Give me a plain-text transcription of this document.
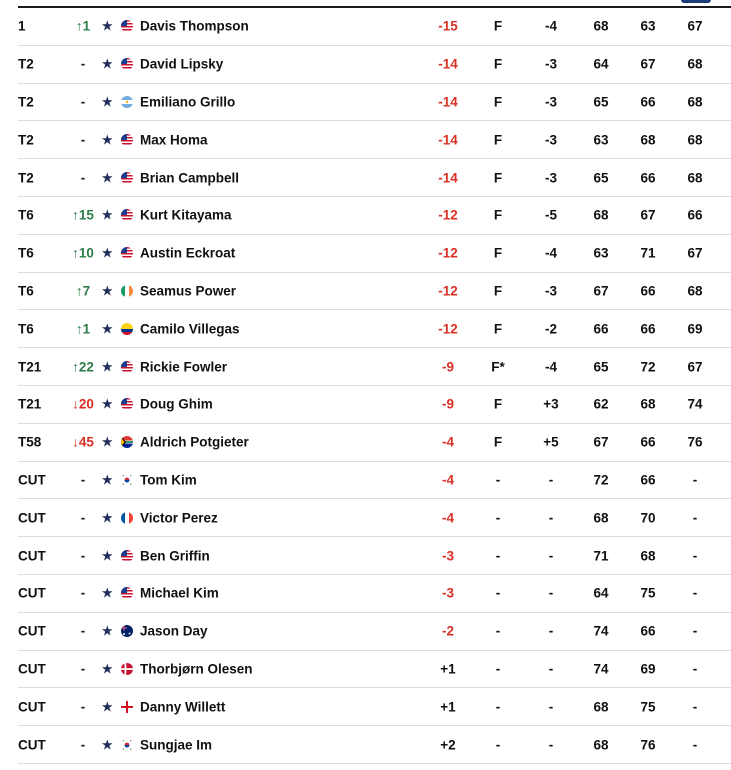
1	↑1 ★ Davis Thompson	-15	F	-4	68	63	67
T2	-	★ David Lipsky	-14	F	-3	64	67	68
T2	-	★ Emiliano Grillo	-14	F	-3	65	66	68
T2	-	★ Max Homa	-14	F	-3	63	68	68
T2	-	★ Brian Campbell	-14	F	-3	65	66	68
T6	↑15 ★ Kurt Kitayama	-12	F	-5	68	67	66
T6	↑10 ★ Austin Eckroat	-12	F	-4	63	71	67
T6	↑7 ★ Seamus Power	-12	F	-3	67	66	68
T6	↑1 ★ Camilo Villegas	-12	F	-2	66	66	69
T21	↑22 ★ Rickie Fowler	-9	F*	-4	65	72	67
T21	↓20 ★ Doug Ghim	-9	F	+3	62	68	74
T58	↓45 ★ Aldrich Potgieter	-4	F	+5	67	66	76
CUT	-	★ Tom Kim	-4	-	-	72	66	-
CUT	-	★ Victor Perez	-4	-	-	68	70	-
CUT	-	★ Ben Griffin	-3	-	-	71	68	-
CUT	-	★ Michael Kim	-3	-	-	64	75	-
CUT	-	★ Jason Day	-2	-	-	74	66	-
CUT	-	★ Thorbjørn Olesen	+1	-	-	74	69	-
CUT	-	★ Danny Willett	+1	-	-	68	75	-
CUT	-	★ Sungjae Im	+2	-	-	68	76	-
